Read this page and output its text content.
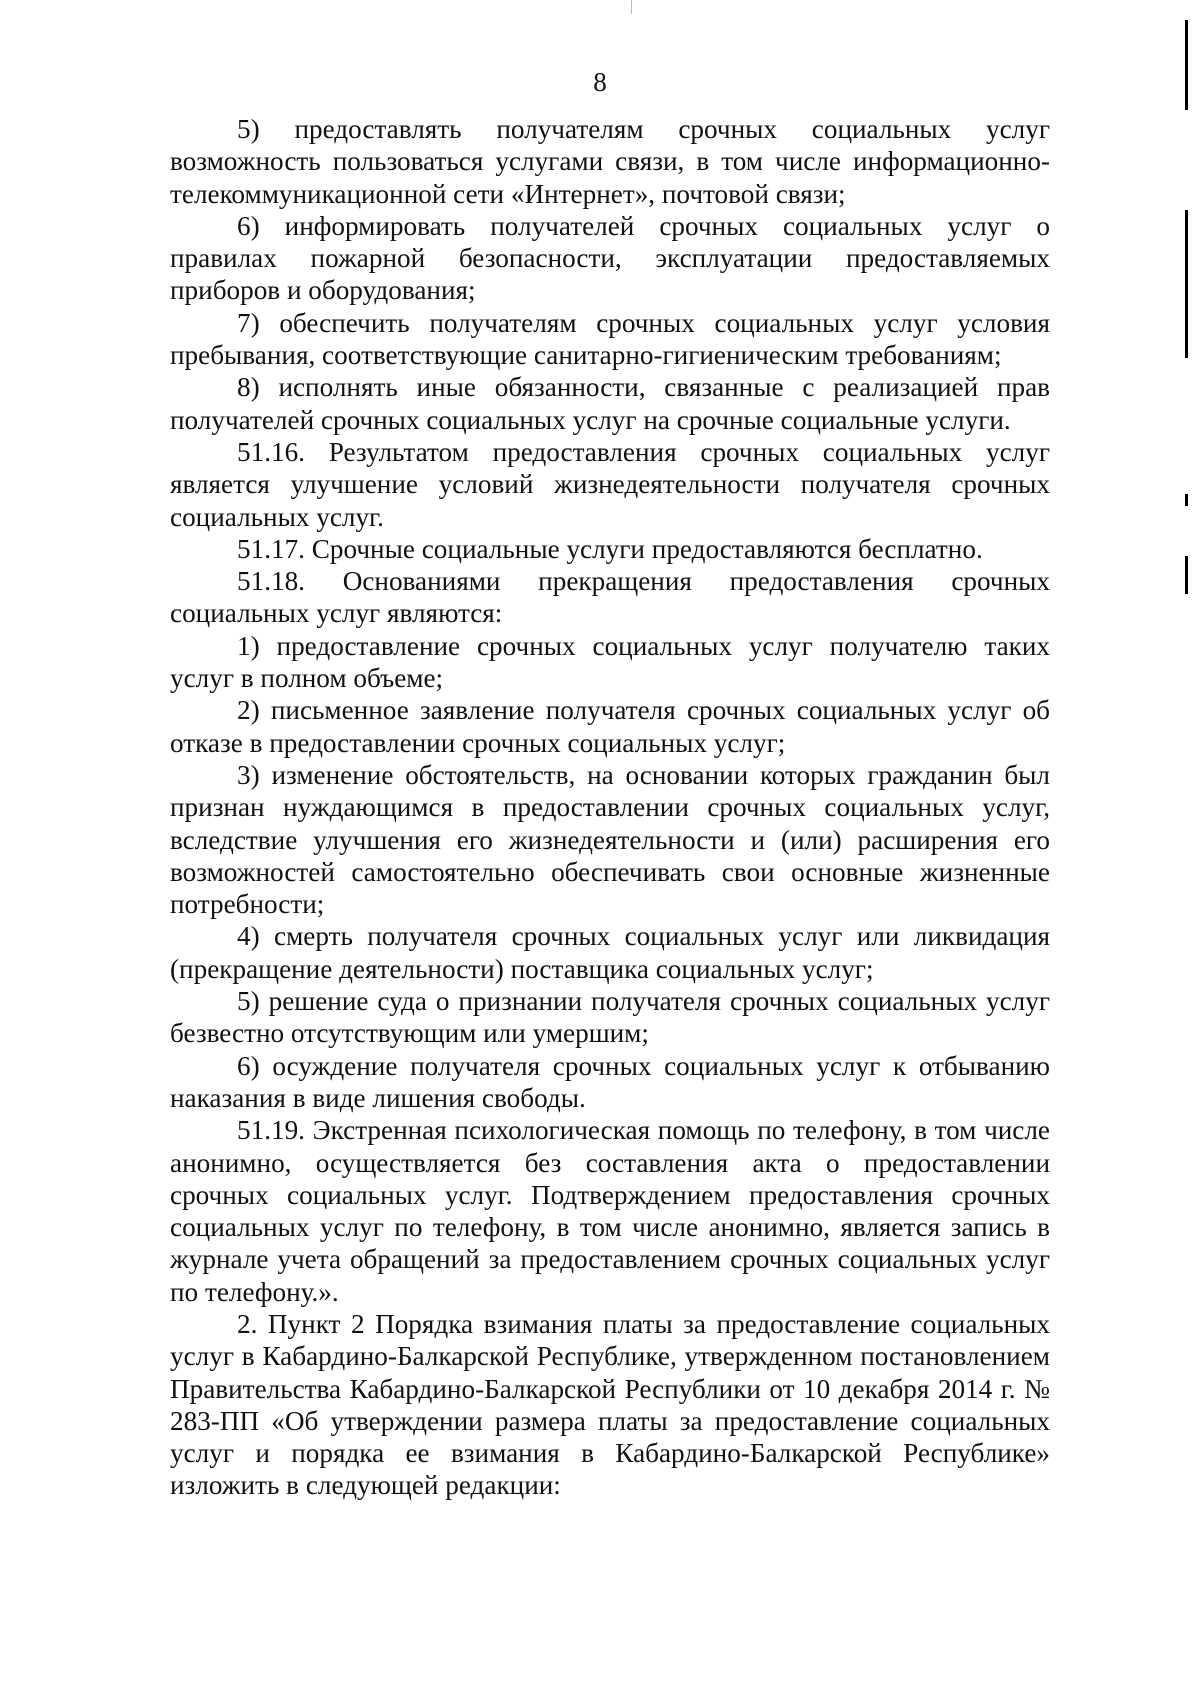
8

5) предоставлять получателям срочных социальных услуг возможность пользоваться услугами связи, в том числе информационно-телекоммуникационной сети «Интернет», почтовой связи;

6) информировать получателей срочных социальных услуг о правилах пожарной безопасности, эксплуатации предоставляемых приборов и оборудования;

7) обеспечить получателям срочных социальных услуг условия пребывания, соответствующие санитарно-гигиеническим требованиям;

8) исполнять иные обязанности, связанные с реализацией прав получателей срочных социальных услуг на срочные социальные услуги.

51.16. Результатом предоставления срочных социальных услуг является улучшение условий жизнедеятельности получателя срочных социальных услуг.

51.17. Срочные социальные услуги предоставляются бесплатно.

51.18. Основаниями прекращения предоставления срочных социальных услуг являются:

1) предоставление срочных социальных услуг получателю таких услуг в полном объеме;

2) письменное заявление получателя срочных социальных услуг об отказе в предоставлении срочных социальных услуг;

3) изменение обстоятельств, на основании которых гражданин был признан нуждающимся в предоставлении срочных социальных услуг, вследствие улучшения его жизнедеятельности и (или) расширения его возможностей самостоятельно обеспечивать свои основные жизненные потребности;

4) смерть получателя срочных социальных услуг или ликвидация (прекращение деятельности) поставщика социальных услуг;

5) решение суда о признании получателя срочных социальных услуг безвестно отсутствующим или умершим;

6) осуждение получателя срочных социальных услуг к отбыванию наказания в виде лишения свободы.

51.19. Экстренная психологическая помощь по телефону, в том числе анонимно, осуществляется без составления акта о предоставлении срочных социальных услуг. Подтверждением предоставления срочных социальных услуг по телефону, в том числе анонимно, является запись в журнале учета обращений за предоставлением срочных социальных услуг по телефону.».

2. Пункт 2 Порядка взимания платы за предоставление социальных услуг в Кабардино-Балкарской Республике, утвержденном постановлением Правительства Кабардино-Балкарской Республики от 10 декабря 2014 г. № 283-ПП «Об утверждении размера платы за предоставление социальных услуг и порядка ее взимания в Кабардино-Балкарской Республике» изложить в следующей редакции:
